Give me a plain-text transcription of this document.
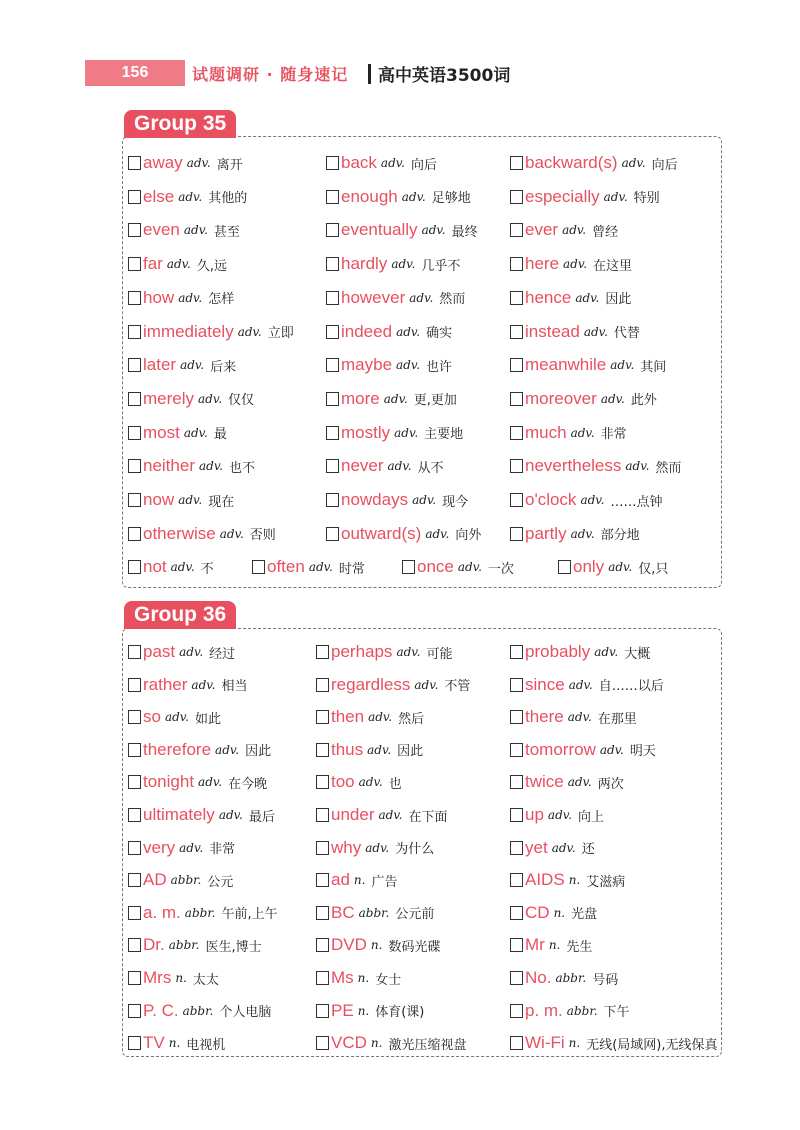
156	试题调研 · 随身速记 高中英语3500词
Group 35
away adv. 离开	back adv. 向后	backward(s) adv. 向后
else adv. 其他的	enough adv. 足够地	especially adv. 特别
even adv. 甚至	eventually adv. 最终	ever adv. 曾经
far adv. 久,远	hardly adv. 几乎不	here adv. 在这里
how adv. 怎样	however adv. 然而	hence adv. 因此
immediately adv. 立即	indeed adv. 确实	instead adv. 代替
later adv. 后来	maybe adv. 也许	meanwhile adv. 其间
merely adv. 仅仅	more adv. 更,更加	moreover adv. 此外
most adv. 最	mostly adv. 主要地	much adv. 非常
neither adv. 也不	never adv. 从不	nevertheless adv. 然而
now adv. 现在	nowdays adv. 现今	o'clock adv. ……点钟
otherwise adv. 否则	outward(s) adv. 向外	partly adv. 部分地
not adv. 不	often adv. 时常	once adv. 一次	only adv. 仅,只
Group 36
past adv. 经过	perhaps adv. 可能	probably adv. 大概
rather adv. 相当	regardless adv. 不管	since adv. 自……以后
so adv. 如此	then adv. 然后	there adv. 在那里
therefore adv. 因此	thus adv. 因此	tomorrow adv. 明天
tonight adv. 在今晚	too adv. 也	twice adv. 两次
ultimately adv. 最后	under adv. 在下面	up adv. 向上
very adv. 非常	why adv. 为什么	yet adv. 还
AD abbr. 公元	ad n. 广告	AIDS n. 艾滋病
a. m. abbr. 午前,上午	BC abbr. 公元前	CD n. 光盘
Dr. abbr. 医生,博士	DVD n. 数码光碟	Mr n. 先生
Mrs n. 太太	Ms n. 女士	No. abbr. 号码
P. C. abbr. 个人电脑	PE n. 体育(课)	p. m. abbr. 下午
TV n. 电视机	VCD n. 激光压缩视盘	Wi-Fi n. 无线(局域网),无线保真
